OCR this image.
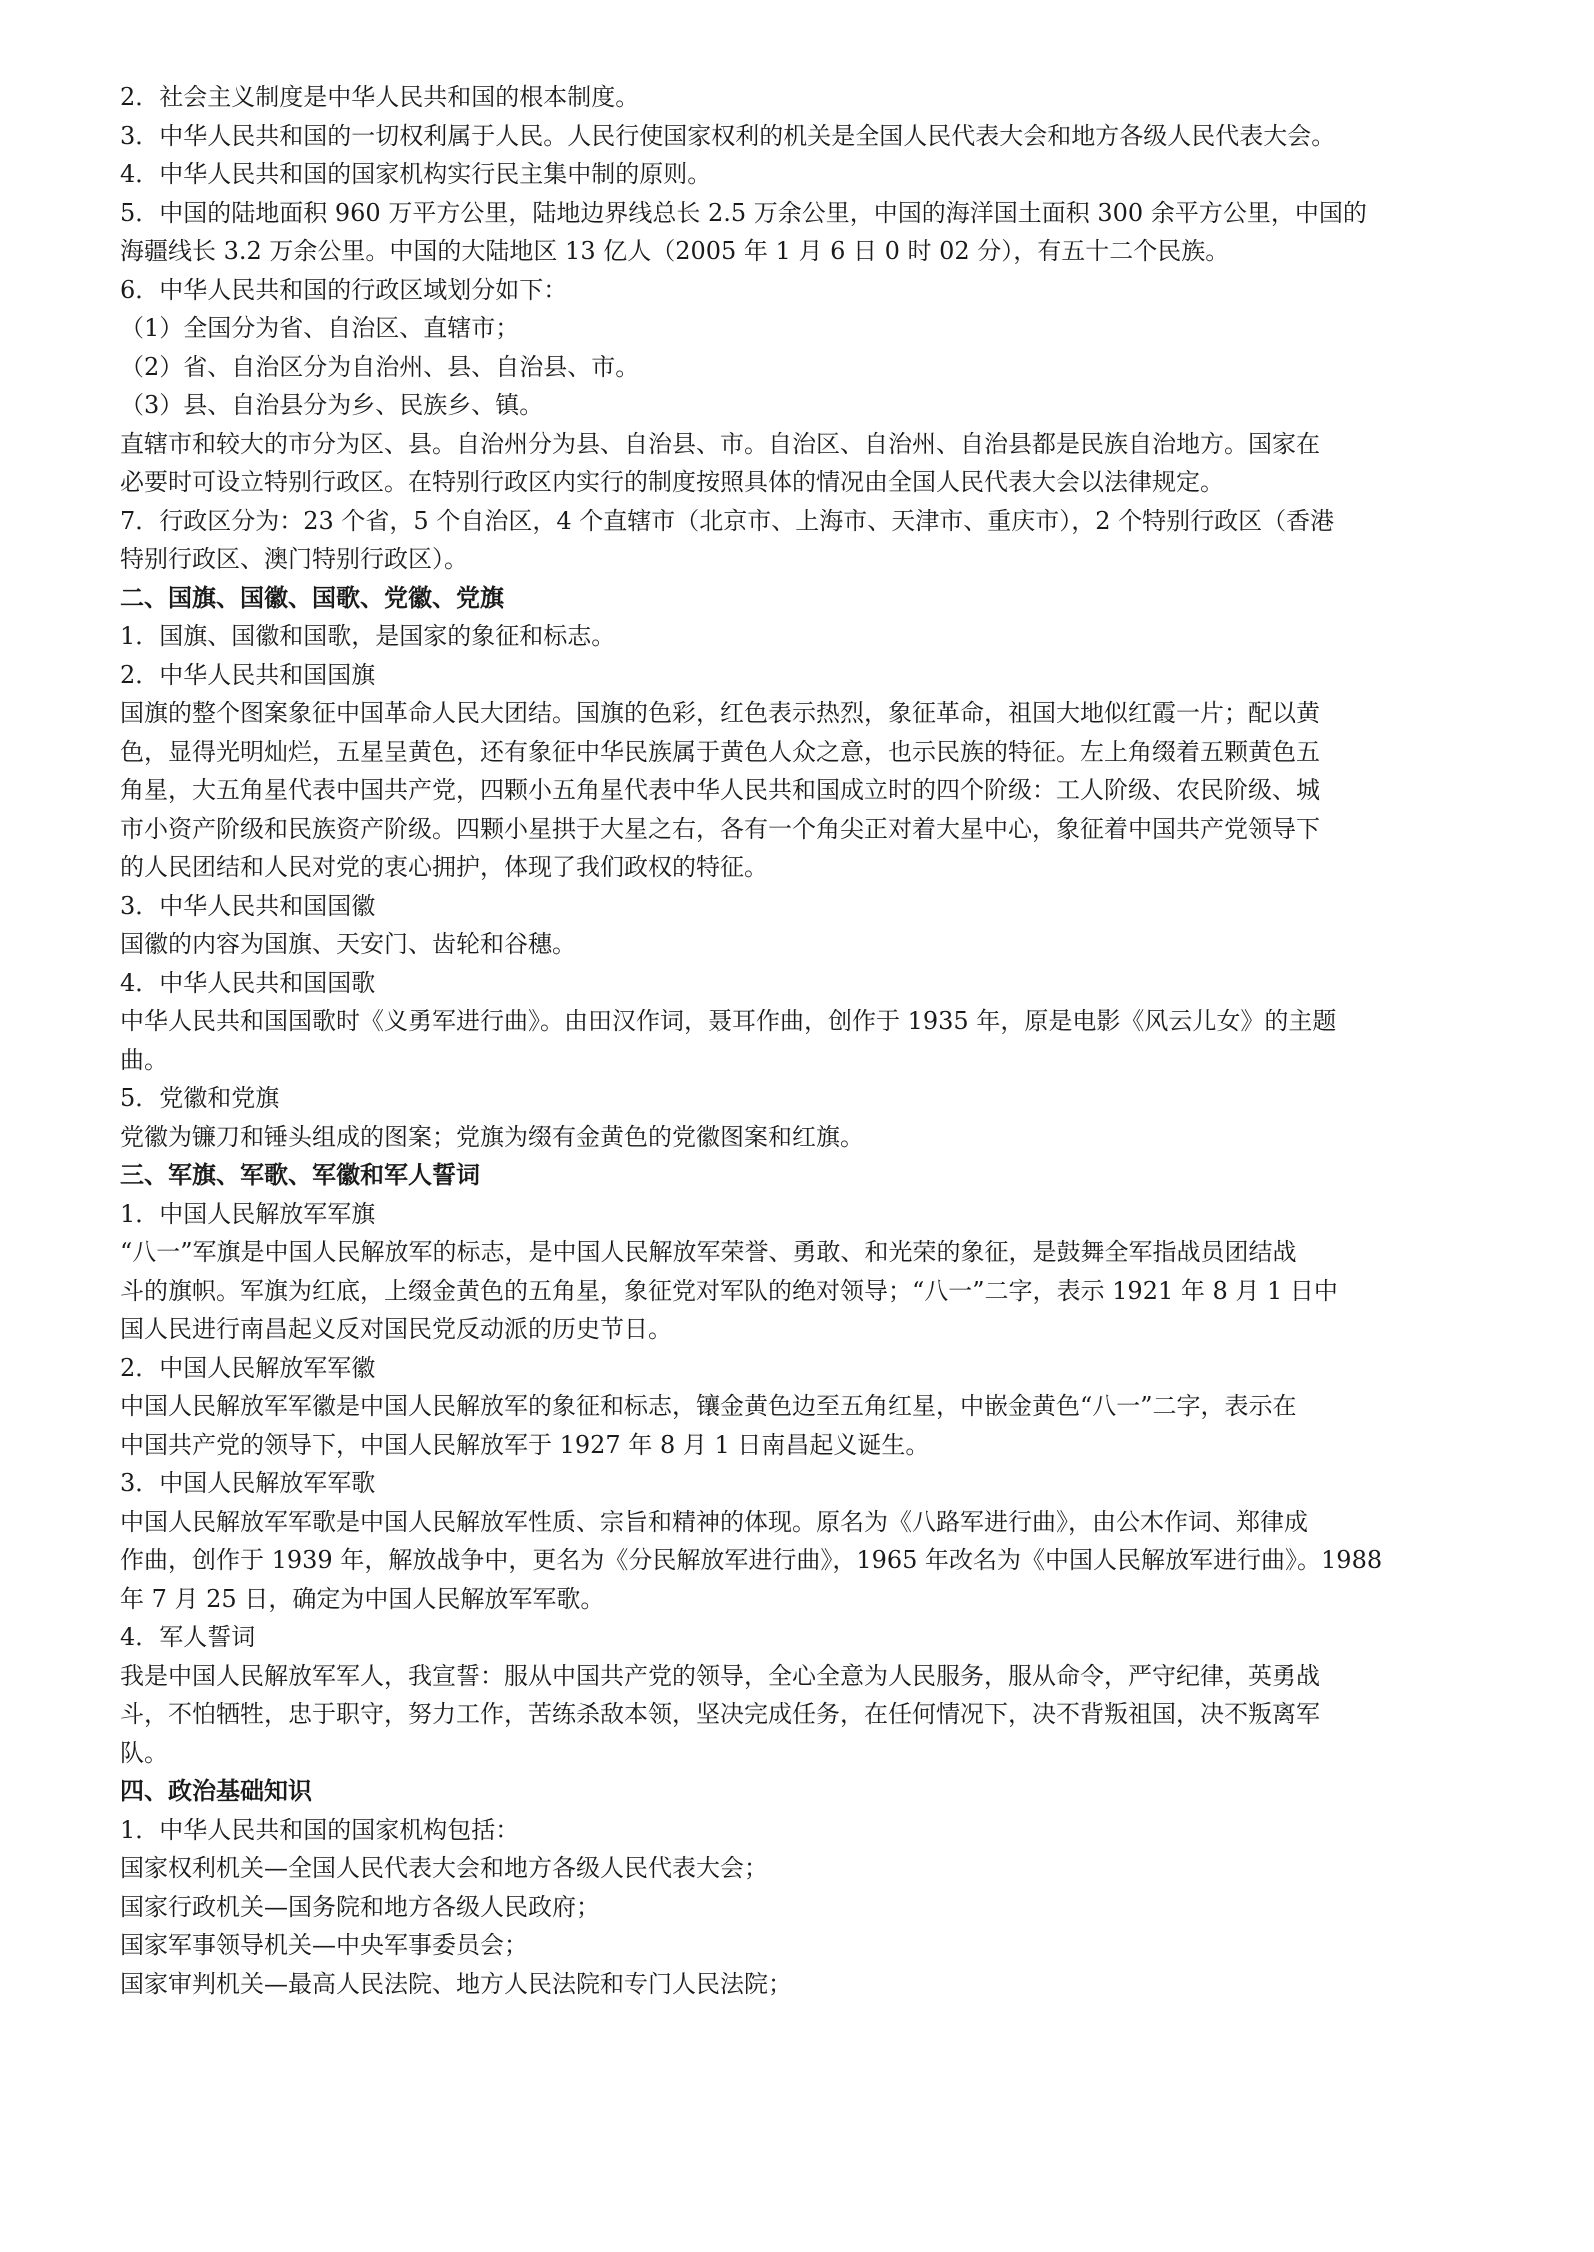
2．社会主义制度是中华人民共和国的根本制度。
3．中华人民共和国的一切权利属于人民。人民行使国家权利的机关是全国人民代表大会和地方各级人民代表大会。
4．中华人民共和国的国家机构实行民主集中制的原则。
5．中国的陆地面积 960 万平方公里，陆地边界线总长 2.5 万余公里，中国的海洋国土面积 300 余平方公里，中国的
海疆线长 3.2 万余公里。中国的大陆地区 13 亿人（2005 年 1 月 6 日 0 时 02 分），有五十二个民族。
6．中华人民共和国的行政区域划分如下：
（1）全国分为省、自治区、直辖市；
（2）省、自治区分为自治州、县、自治县、市。
（3）县、自治县分为乡、民族乡、镇。
直辖市和较大的市分为区、县。自治州分为县、自治县、市。自治区、自治州、自治县都是民族自治地方。国家在
必要时可设立特别行政区。在特别行政区内实行的制度按照具体的情况由全国人民代表大会以法律规定。
7．行政区分为：23 个省，5 个自治区，4 个直辖市（北京市、上海市、天津市、重庆市），2 个特别行政区（香港
特别行政区、澳门特别行政区）。
二、国旗、国徽、国歌、党徽、党旗
1．国旗、国徽和国歌，是国家的象征和标志。
2．中华人民共和国国旗
国旗的整个图案象征中国革命人民大团结。国旗的色彩，红色表示热烈，象征革命，祖国大地似红霞一片；配以黄
色，显得光明灿烂，五星呈黄色，还有象征中华民族属于黄色人众之意，也示民族的特征。左上角缀着五颗黄色五
角星，大五角星代表中国共产党，四颗小五角星代表中华人民共和国成立时的四个阶级：工人阶级、农民阶级、城
市小资产阶级和民族资产阶级。四颗小星拱于大星之右，各有一个角尖正对着大星中心，象征着中国共产党领导下
的人民团结和人民对党的衷心拥护，体现了我们政权的特征。
3．中华人民共和国国徽
国徽的内容为国旗、天安门、齿轮和谷穗。
4．中华人民共和国国歌
中华人民共和国国歌时《义勇军进行曲》。由田汉作词，聂耳作曲，创作于 1935 年，原是电影《风云儿女》的主题
曲。
5．党徽和党旗
党徽为镰刀和锤头组成的图案；党旗为缀有金黄色的党徽图案和红旗。
三、军旗、军歌、军徽和军人誓词
1．中国人民解放军军旗
“八一”军旗是中国人民解放军的标志，是中国人民解放军荣誉、勇敢、和光荣的象征，是鼓舞全军指战员团结战
斗的旗帜。军旗为红底，上缀金黄色的五角星，象征党对军队的绝对领导；“八一”二字，表示 1921 年 8 月 1 日中
国人民进行南昌起义反对国民党反动派的历史节日。
2．中国人民解放军军徽
中国人民解放军军徽是中国人民解放军的象征和标志，镶金黄色边至五角红星，中嵌金黄色“八一”二字，表示在
中国共产党的领导下，中国人民解放军于 1927 年 8 月 1 日南昌起义诞生。
3．中国人民解放军军歌
中国人民解放军军歌是中国人民解放军性质、宗旨和精神的体现。原名为《八路军进行曲》，由公木作词、郑律成
作曲，创作于 1939 年，解放战争中，更名为《分民解放军进行曲》，1965 年改名为《中国人民解放军进行曲》。1988
年 7 月 25 日，确定为中国人民解放军军歌。
4．军人誓词
我是中国人民解放军军人，我宣誓：服从中国共产党的领导，全心全意为人民服务，服从命令，严守纪律，英勇战
斗，不怕牺牲，忠于职守，努力工作，苦练杀敌本领，坚决完成任务，在任何情况下，决不背叛祖国，决不叛离军
队。
四、政治基础知识
1．中华人民共和国的国家机构包括：
国家权利机关—全国人民代表大会和地方各级人民代表大会；
国家行政机关—国务院和地方各级人民政府；
国家军事领导机关—中央军事委员会；
国家审判机关—最高人民法院、地方人民法院和专门人民法院；
